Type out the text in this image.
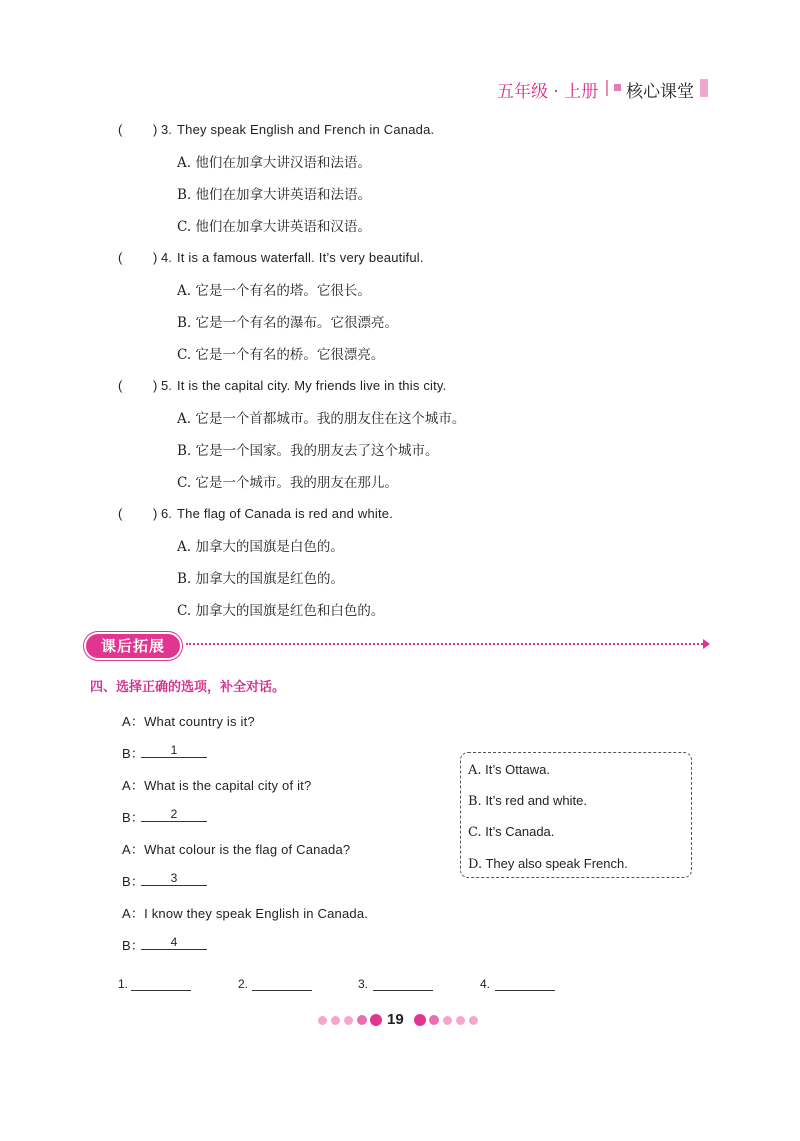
五年级 · 上册 核心课堂
( ) 3. They speak English and French in Canada.
A. 他们在加拿大讲汉语和法语。
B. 他们在加拿大讲英语和法语。
C. 他们在加拿大讲英语和汉语。
( ) 4. It is a famous waterfall. It’s very beautiful.
A. 它是一个有名的塔。它很长。
B. 它是一个有名的瀑布。它很漂亮。
C. 它是一个有名的桥。它很漂亮。
( ) 5. It is the capital city. My friends live in this city.
A. 它是一个首都城市。我的朋友住在这个城市。
B. 它是一个国家。我的朋友去了这个城市。
C. 它是一个城市。我的朋友在那儿。
( ) 6. The flag of Canada is red and white.
A. 加拿大的国旗是白色的。
B. 加拿大的国旗是红色的。
C. 加拿大的国旗是红色和白色的。
课后拓展
四、选择正确的选项，补全对话。
A：What country is it?
B：	1
A：What is the capital city of it?
B：	2
A：What colour is the flag of Canada?
B：	3
A：I know they speak English in Canada.
B：	4
A. It’s Ottawa.
B. It’s red and white.
C. It’s Canada.
D. They also speak French.
1.	2.	3.	4.
19
